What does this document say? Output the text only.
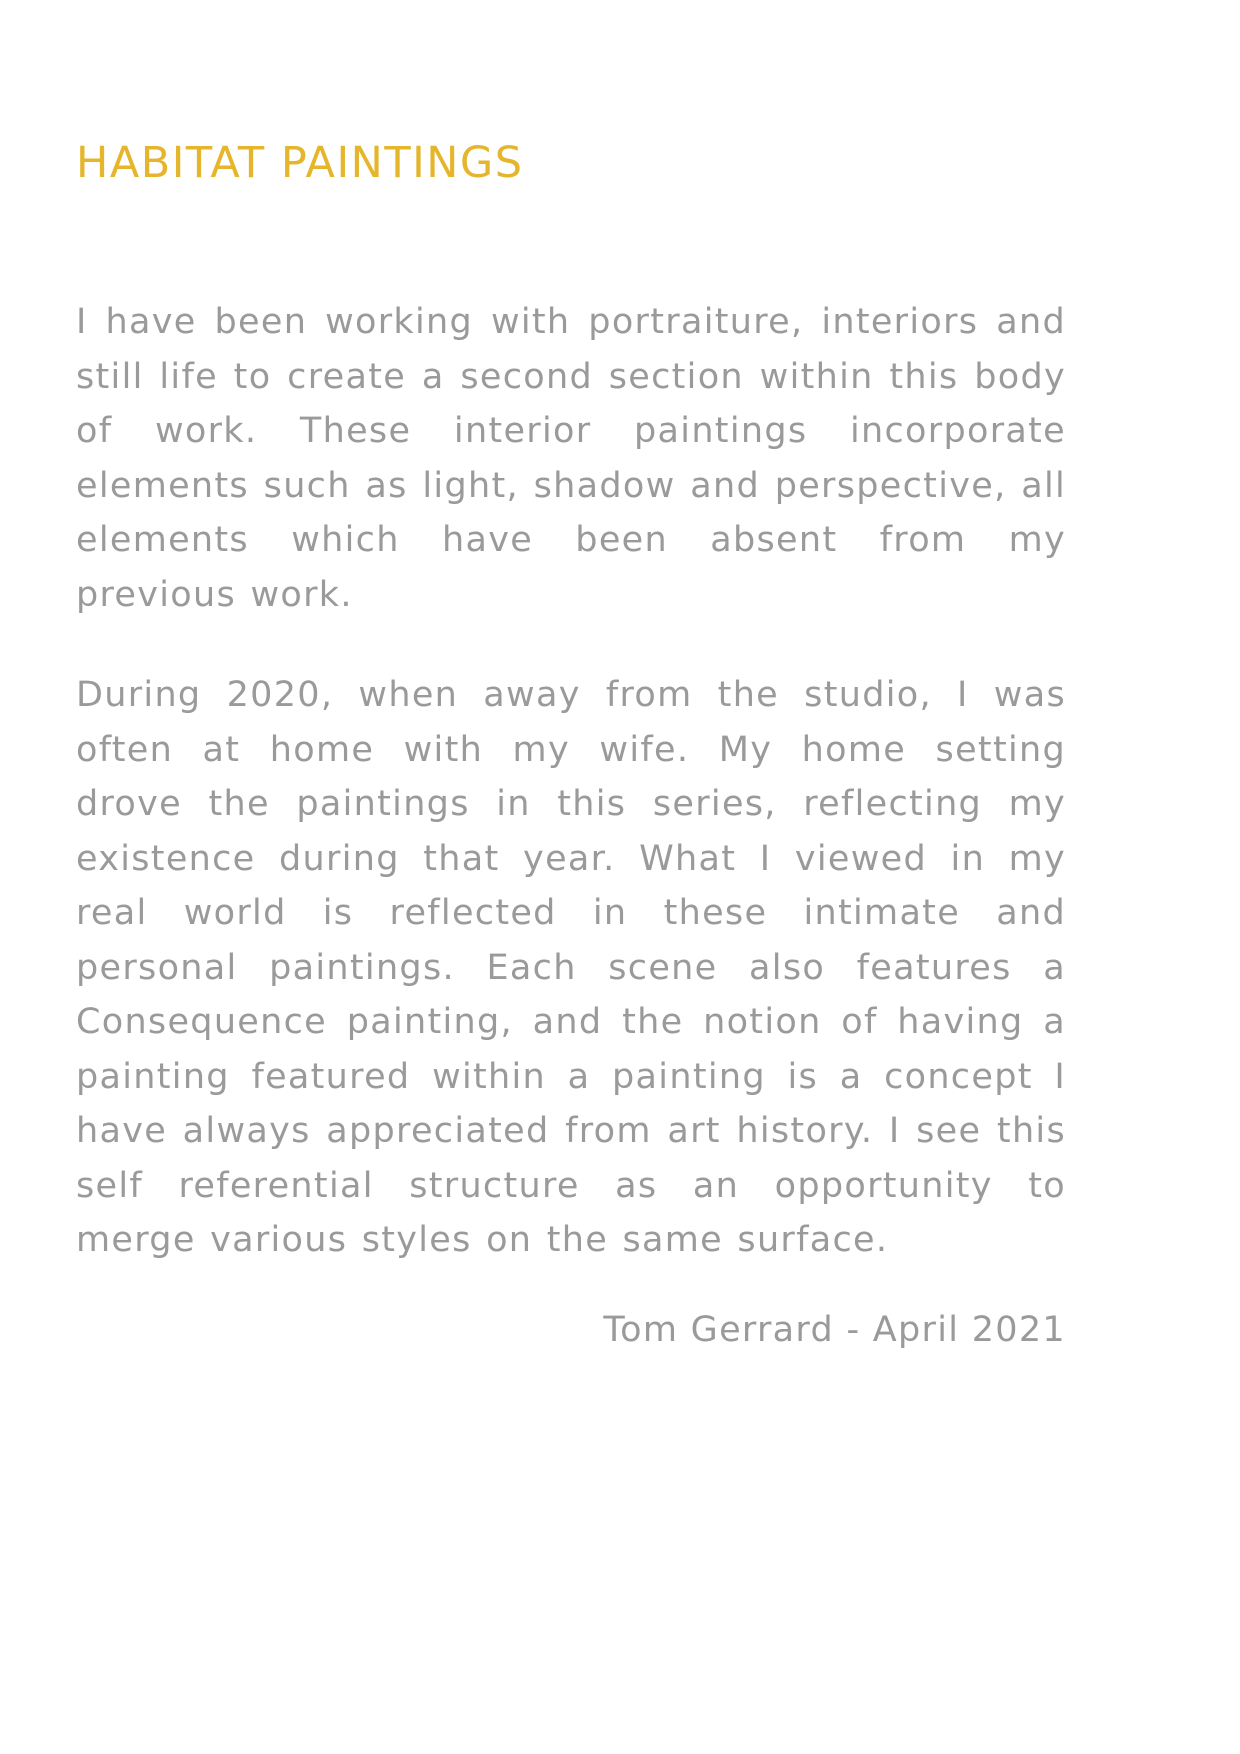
HABITAT PAINTINGS

I have been working with portraiture, interiors and still life to create a second section within this body of work. These interior paintings incorporate elements such as light, shadow and perspective, all elements which have been absent from my previous work.

During 2020, when away from the studio, I was often at home with my wife. My home setting drove the paintings in this series, reflecting my existence during that year. What I viewed in my real world is reflected in these intimate and personal paintings. Each scene also features a Consequence painting, and the notion of having a painting featured within a painting is a concept I have always appreciated from art history. I see this self referential structure as an opportunity to merge various styles on the same surface.

Tom Gerrard - April 2021
